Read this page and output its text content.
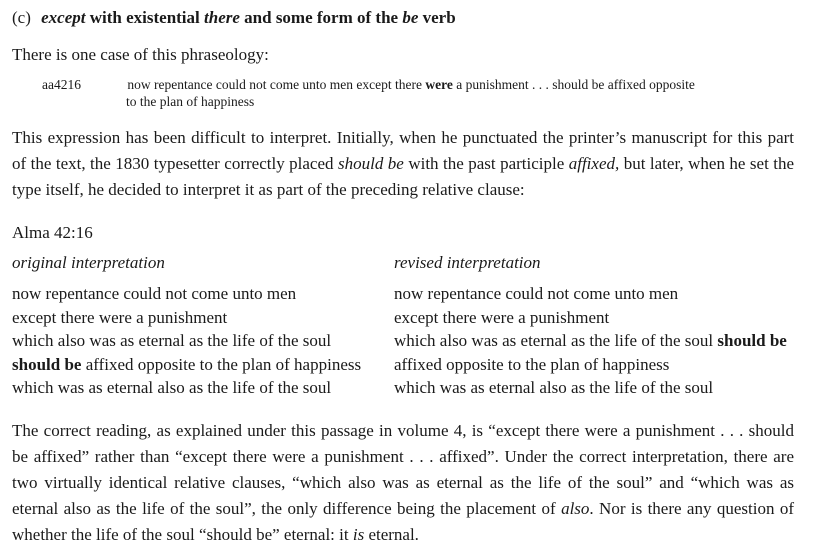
(c) except with existential there and some form of the be verb
There is one case of this phraseology:
aa4216	now repentance could not come unto men except there were a punishment . . . should be affixed opposite
to the plan of happiness
This expression has been difficult to interpret. Initially, when he punctuated the printer’s manuscript for this part of the text, the 1830 typesetter correctly placed should be with the past participle affixed, but later, when he set the type itself, he decided to interpret it as part of the preceding relative clause:
Alma 42:16
original interpretation
now repentance could not come unto men
except there were a punishment
which also was as eternal as the life of the soul
should be affixed opposite to the plan of happiness
which was as eternal also as the life of the soul
revised interpretation
now repentance could not come unto men
except there were a punishment
which also was as eternal as the life of the soul should be
affixed opposite to the plan of happiness
which was as eternal also as the life of the soul
The correct reading, as explained under this passage in volume 4, is “except there were a punishment . . . should be affixed” rather than “except there were a punishment . . . affixed”. Under the correct interpretation, there are two virtually identical relative clauses, “which also was as eternal as the life of the soul” and “which was as eternal also as the life of the soul”, the only difference being the placement of also. Nor is there any question of whether the life of the soul “should be” eternal: it is eternal.
